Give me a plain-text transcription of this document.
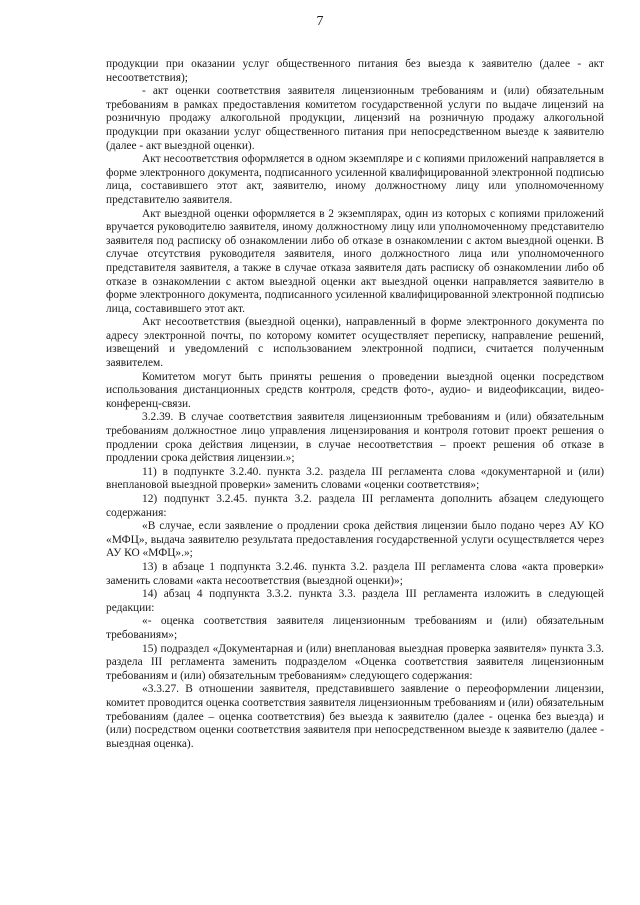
7

продукции при оказании услуг общественного питания без выезда к заявителю (далее - акт несоответствия);

- акт оценки соответствия заявителя лицензионным требованиям и (или) обязательным требованиям в рамках предоставления комитетом государственной услуги по выдаче лицензий на розничную продажу алкогольной продукции, лицензий на розничную продажу алкогольной продукции при оказании услуг общественного питания при непосредственном выезде к заявителю (далее - акт выездной оценки).

Акт несоответствия оформляется в одном экземпляре и с копиями приложений направляется в форме электронного документа, подписанного усиленной квалифицированной электронной подписью лица, составившего этот акт, заявителю, иному должностному лицу или уполномоченному представителю заявителя.

Акт выездной оценки оформляется в 2 экземплярах, один из которых с копиями приложений вручается руководителю заявителя, иному должностному лицу или уполномоченному представителю заявителя под расписку об ознакомлении либо об отказе в ознакомлении с актом выездной оценки. В случае отсутствия руководителя заявителя, иного должностного лица или уполномоченного представителя заявителя, а также в случае отказа заявителя дать расписку об ознакомлении либо об отказе в ознакомлении с актом выездной оценки акт выездной оценки направляется заявителю в форме электронного документа, подписанного усиленной квалифицированной электронной подписью лица, составившего этот акт.

Акт несоответствия (выездной оценки), направленный в форме электронного документа по адресу электронной почты, по которому комитет осуществляет переписку, направление решений, извещений и уведомлений с использованием электронной подписи, считается полученным заявителем.

Комитетом могут быть приняты решения о проведении выездной оценки посредством использования дистанционных средств контроля, средств фото-, аудио- и видеофиксации, видео-конференц-связи.

3.2.39. В случае соответствия заявителя лицензионным требованиям и (или) обязательным требованиям должностное лицо управления лицензирования и контроля готовит проект решения о продлении срока действия лицензии, в случае несоответствия – проект решения об отказе в продлении срока действия лицензии.»;

11) в подпункте 3.2.40. пункта 3.2. раздела III регламента слова «документарной и (или) внеплановой выездной проверки» заменить словами «оценки соответствия»;

12) подпункт 3.2.45. пункта 3.2. раздела III регламента дополнить абзацем следующего содержания:

«В случае, если заявление о продлении срока действия лицензии было подано через АУ КО «МФЦ», выдача заявителю результата предоставления государственной услуги осуществляется через АУ КО «МФЦ».»;

13) в абзаце 1 подпункта 3.2.46. пункта 3.2. раздела III регламента слова «акта проверки» заменить словами «акта несоответствия (выездной оценки)»;

14) абзац 4 подпункта 3.3.2. пункта 3.3. раздела III регламента изложить в следующей редакции:

«- оценка соответствия заявителя лицензионным требованиям и (или) обязательным требованиям»;

15) подраздел «Документарная и (или) внеплановая выездная проверка заявителя» пункта 3.3. раздела III регламента заменить подразделом «Оценка соответствия заявителя лицензионным требованиям и (или) обязательным требованиям» следующего содержания:

«3.3.27. В отношении заявителя, представившего заявление о переоформлении лицензии, комитет проводится оценка соответствия заявителя лицензионным требованиям и (или) обязательным требованиям (далее – оценка соответствия) без выезда к заявителю (далее - оценка без выезда) и (или) посредством оценки соответствия заявителя при непосредственном выезде к заявителю (далее - выездная оценка).
